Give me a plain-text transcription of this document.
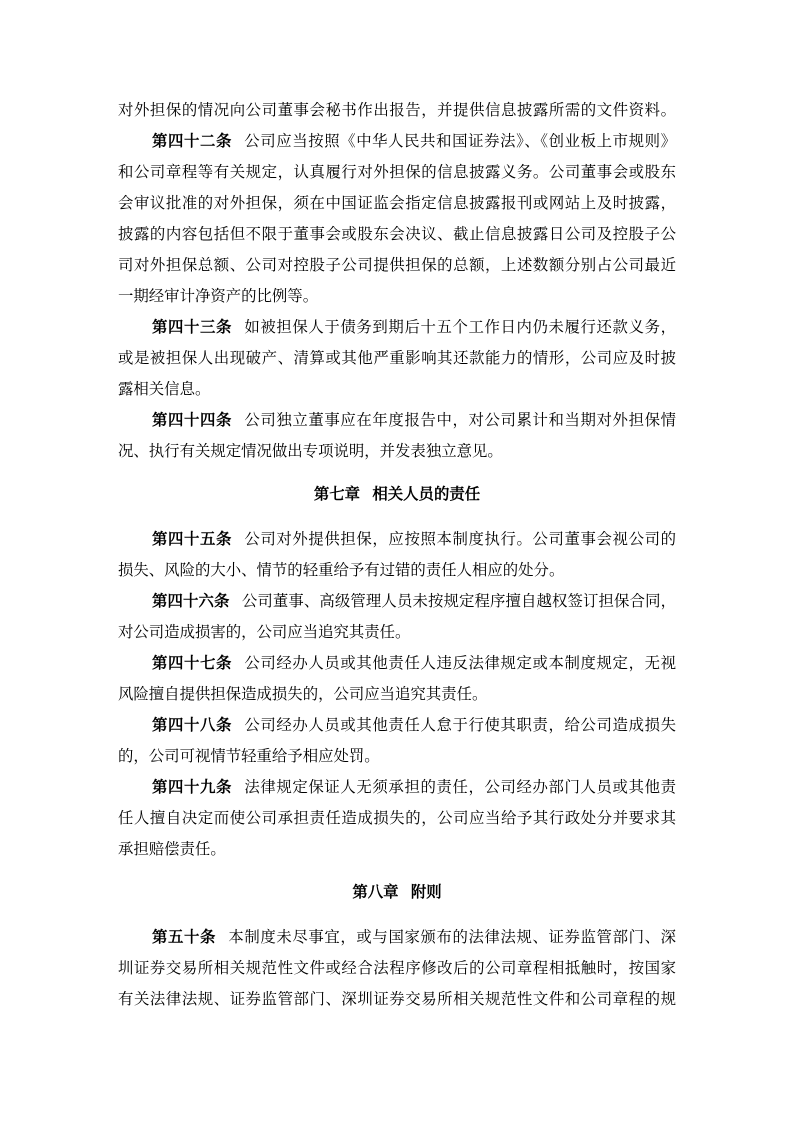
对外担保的情况向公司董事会秘书作出报告，并提供信息披露所需的文件资料。
第四十二条 公司应当按照《中华人民共和国证券法》、《创业板上市规则》
和公司章程等有关规定，认真履行对外担保的信息披露义务。公司董事会或股东
会审议批准的对外担保，须在中国证监会指定信息披露报刊或网站上及时披露，
披露的内容包括但不限于董事会或股东会决议、截止信息披露日公司及控股子公
司对外担保总额、公司对控股子公司提供担保的总额，上述数额分别占公司最近
一期经审计净资产的比例等。
第四十三条 如被担保人于债务到期后十五个工作日内仍未履行还款义务，
或是被担保人出现破产、清算或其他严重影响其还款能力的情形，公司应及时披
露相关信息。
第四十四条 公司独立董事应在年度报告中，对公司累计和当期对外担保情
况、执行有关规定情况做出专项说明，并发表独立意见。
第七章 相关人员的责任
第四十五条 公司对外提供担保，应按照本制度执行。公司董事会视公司的
损失、风险的大小、情节的轻重给予有过错的责任人相应的处分。
第四十六条 公司董事、高级管理人员未按规定程序擅自越权签订担保合同，
对公司造成损害的，公司应当追究其责任。
第四十七条 公司经办人员或其他责任人违反法律规定或本制度规定，无视
风险擅自提供担保造成损失的，公司应当追究其责任。
第四十八条 公司经办人员或其他责任人怠于行使其职责，给公司造成损失
的，公司可视情节轻重给予相应处罚。
第四十九条 法律规定保证人无须承担的责任，公司经办部门人员或其他责
任人擅自决定而使公司承担责任造成损失的，公司应当给予其行政处分并要求其
承担赔偿责任。
第八章 附则
第五十条 本制度未尽事宜，或与国家颁布的法律法规、证券监管部门、深
圳证券交易所相关规范性文件或经合法程序修改后的公司章程相抵触时，按国家
有关法律法规、证券监管部门、深圳证券交易所相关规范性文件和公司章程的规
